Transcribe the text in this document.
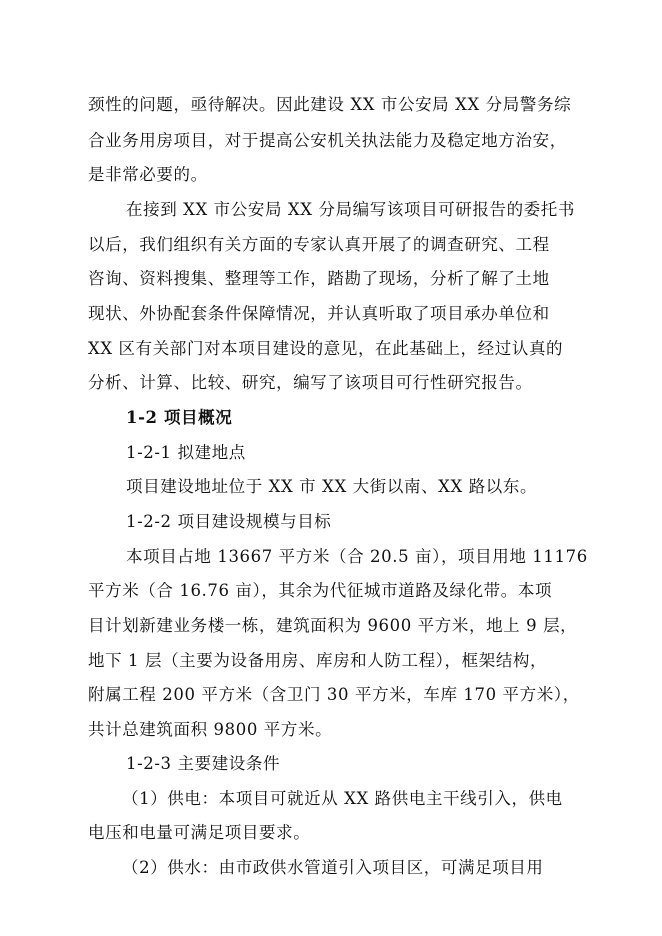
颈性的问题，亟待解决。因此建设 XX 市公安局 XX 分局警务综
合业务用房项目，对于提高公安机关执法能力及稳定地方治安，
是非常必要的。
在接到 XX 市公安局 XX 分局编写该项目可研报告的委托书
以后，我们组织有关方面的专家认真开展了的调查研究、工程
咨询、资料搜集、整理等工作，踏勘了现场，分析了解了土地
现状、外协配套条件保障情况，并认真听取了项目承办单位和
XX 区有关部门对本项目建设的意见，在此基础上，经过认真的
分析、计算、比较、研究，编写了该项目可行性研究报告。
1-2 项目概况
1-2-1 拟建地点
项目建设地址位于 XX 市 XX 大街以南、XX 路以东。
1-2-2 项目建设规模与目标
本项目占地 13667 平方米（合 20.5 亩），项目用地 11176
平方米（合 16.76 亩），其余为代征城市道路及绿化带。本项
目计划新建业务楼一栋，建筑面积为 9600 平方米，地上 9 层，
地下 1 层（主要为设备用房、库房和人防工程），框架结构，
附属工程 200 平方米（含卫门 30 平方米，车库 170 平方米），
共计总建筑面积 9800 平方米。
1-2-3 主要建设条件
（1）供电：本项目可就近从 XX 路供电主干线引入，供电
电压和电量可满足项目要求。
（2）供水：由市政供水管道引入项目区，可满足项目用
